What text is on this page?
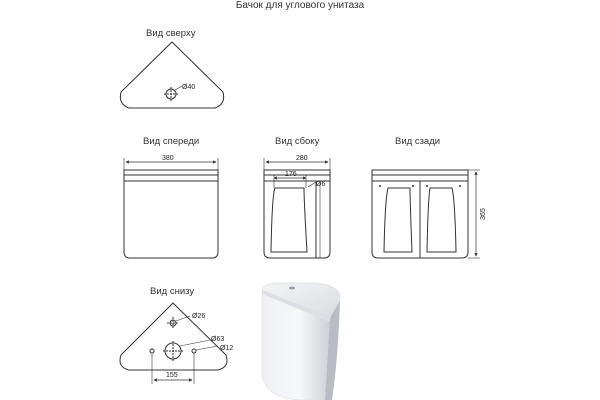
Бачок для углового унитаза
Вид сверху
Вид спереди	Вид сбоку	Вид сзади
Вид снизу
Ø40
380
176
280
Ø6
365
Ø26
Ø63
Ø12
155
